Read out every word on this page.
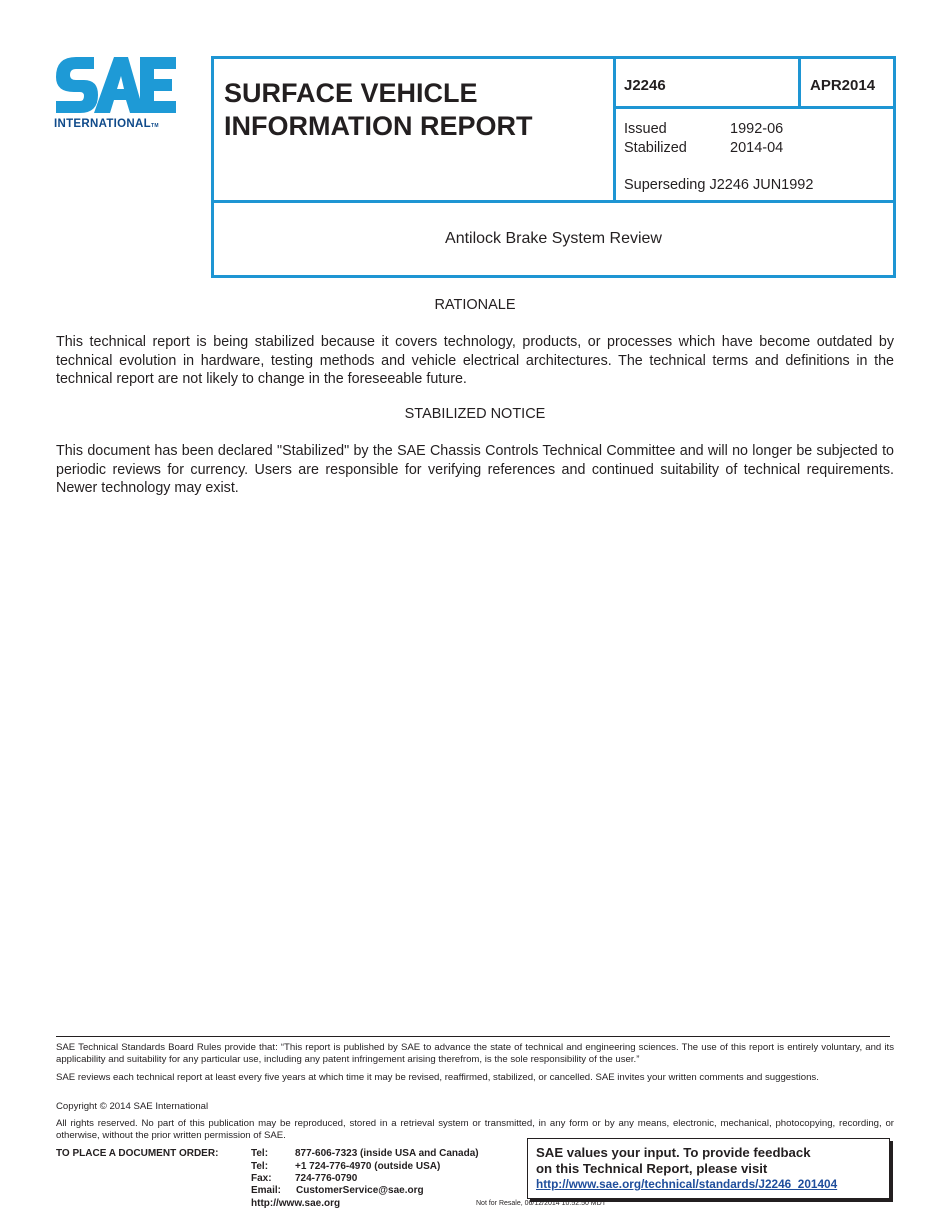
INTERNATIONALTM
SURFACE VEHICLE
INFORMATION REPORT
J2246	APR2014
Issued	1992-06
Stabilized	2014-04
Superseding J2246 JUN1992
Antilock Brake System Review
RATIONALE

This technical report is being stabilized because it covers technology, products, or processes which have become outdated by technical evolution in hardware, testing methods and vehicle electrical architectures. The technical terms and definitions in the technical report are not likely to change in the foreseeable future.

STABILIZED NOTICE

This document has been declared "Stabilized" by the SAE Chassis Controls Technical Committee and will no longer be subjected to periodic reviews for currency. Users are responsible for verifying references and continued suitability of technical requirements. Newer technology may exist.

SAE Technical Standards Board Rules provide that: “This report is published by SAE to advance the state of technical and engineering sciences. The use of this report is entirely voluntary, and its applicability and suitability for any particular use, including any patent infringement arising therefrom, is the sole responsibility of the user.”

SAE reviews each technical report at least every five years at which time it may be revised, reaffirmed, stabilized, or cancelled. SAE invites your written comments and suggestions.

Copyright © 2014 SAE International

All rights reserved. No part of this publication may be reproduced, stored in a retrieval system or transmitted, in any form or by any means, electronic, mechanical, photocopying, recording, or otherwise, without the prior written permission of SAE.

TO PLACE A DOCUMENT ORDER:	Tel:	877-606-7323 (inside USA and Canada)
Tel:	+1 724-776-4970 (outside USA)
Fax: 724-776-0790
Email: CustomerService@sae.org
http://www.sae.org
SAE values your input. To provide feedback
on this Technical Report, please visit
http://www.sae.org/technical/standards/J2246_201404
Not for Resale, 06/12/2014 10:52:50 MDT
